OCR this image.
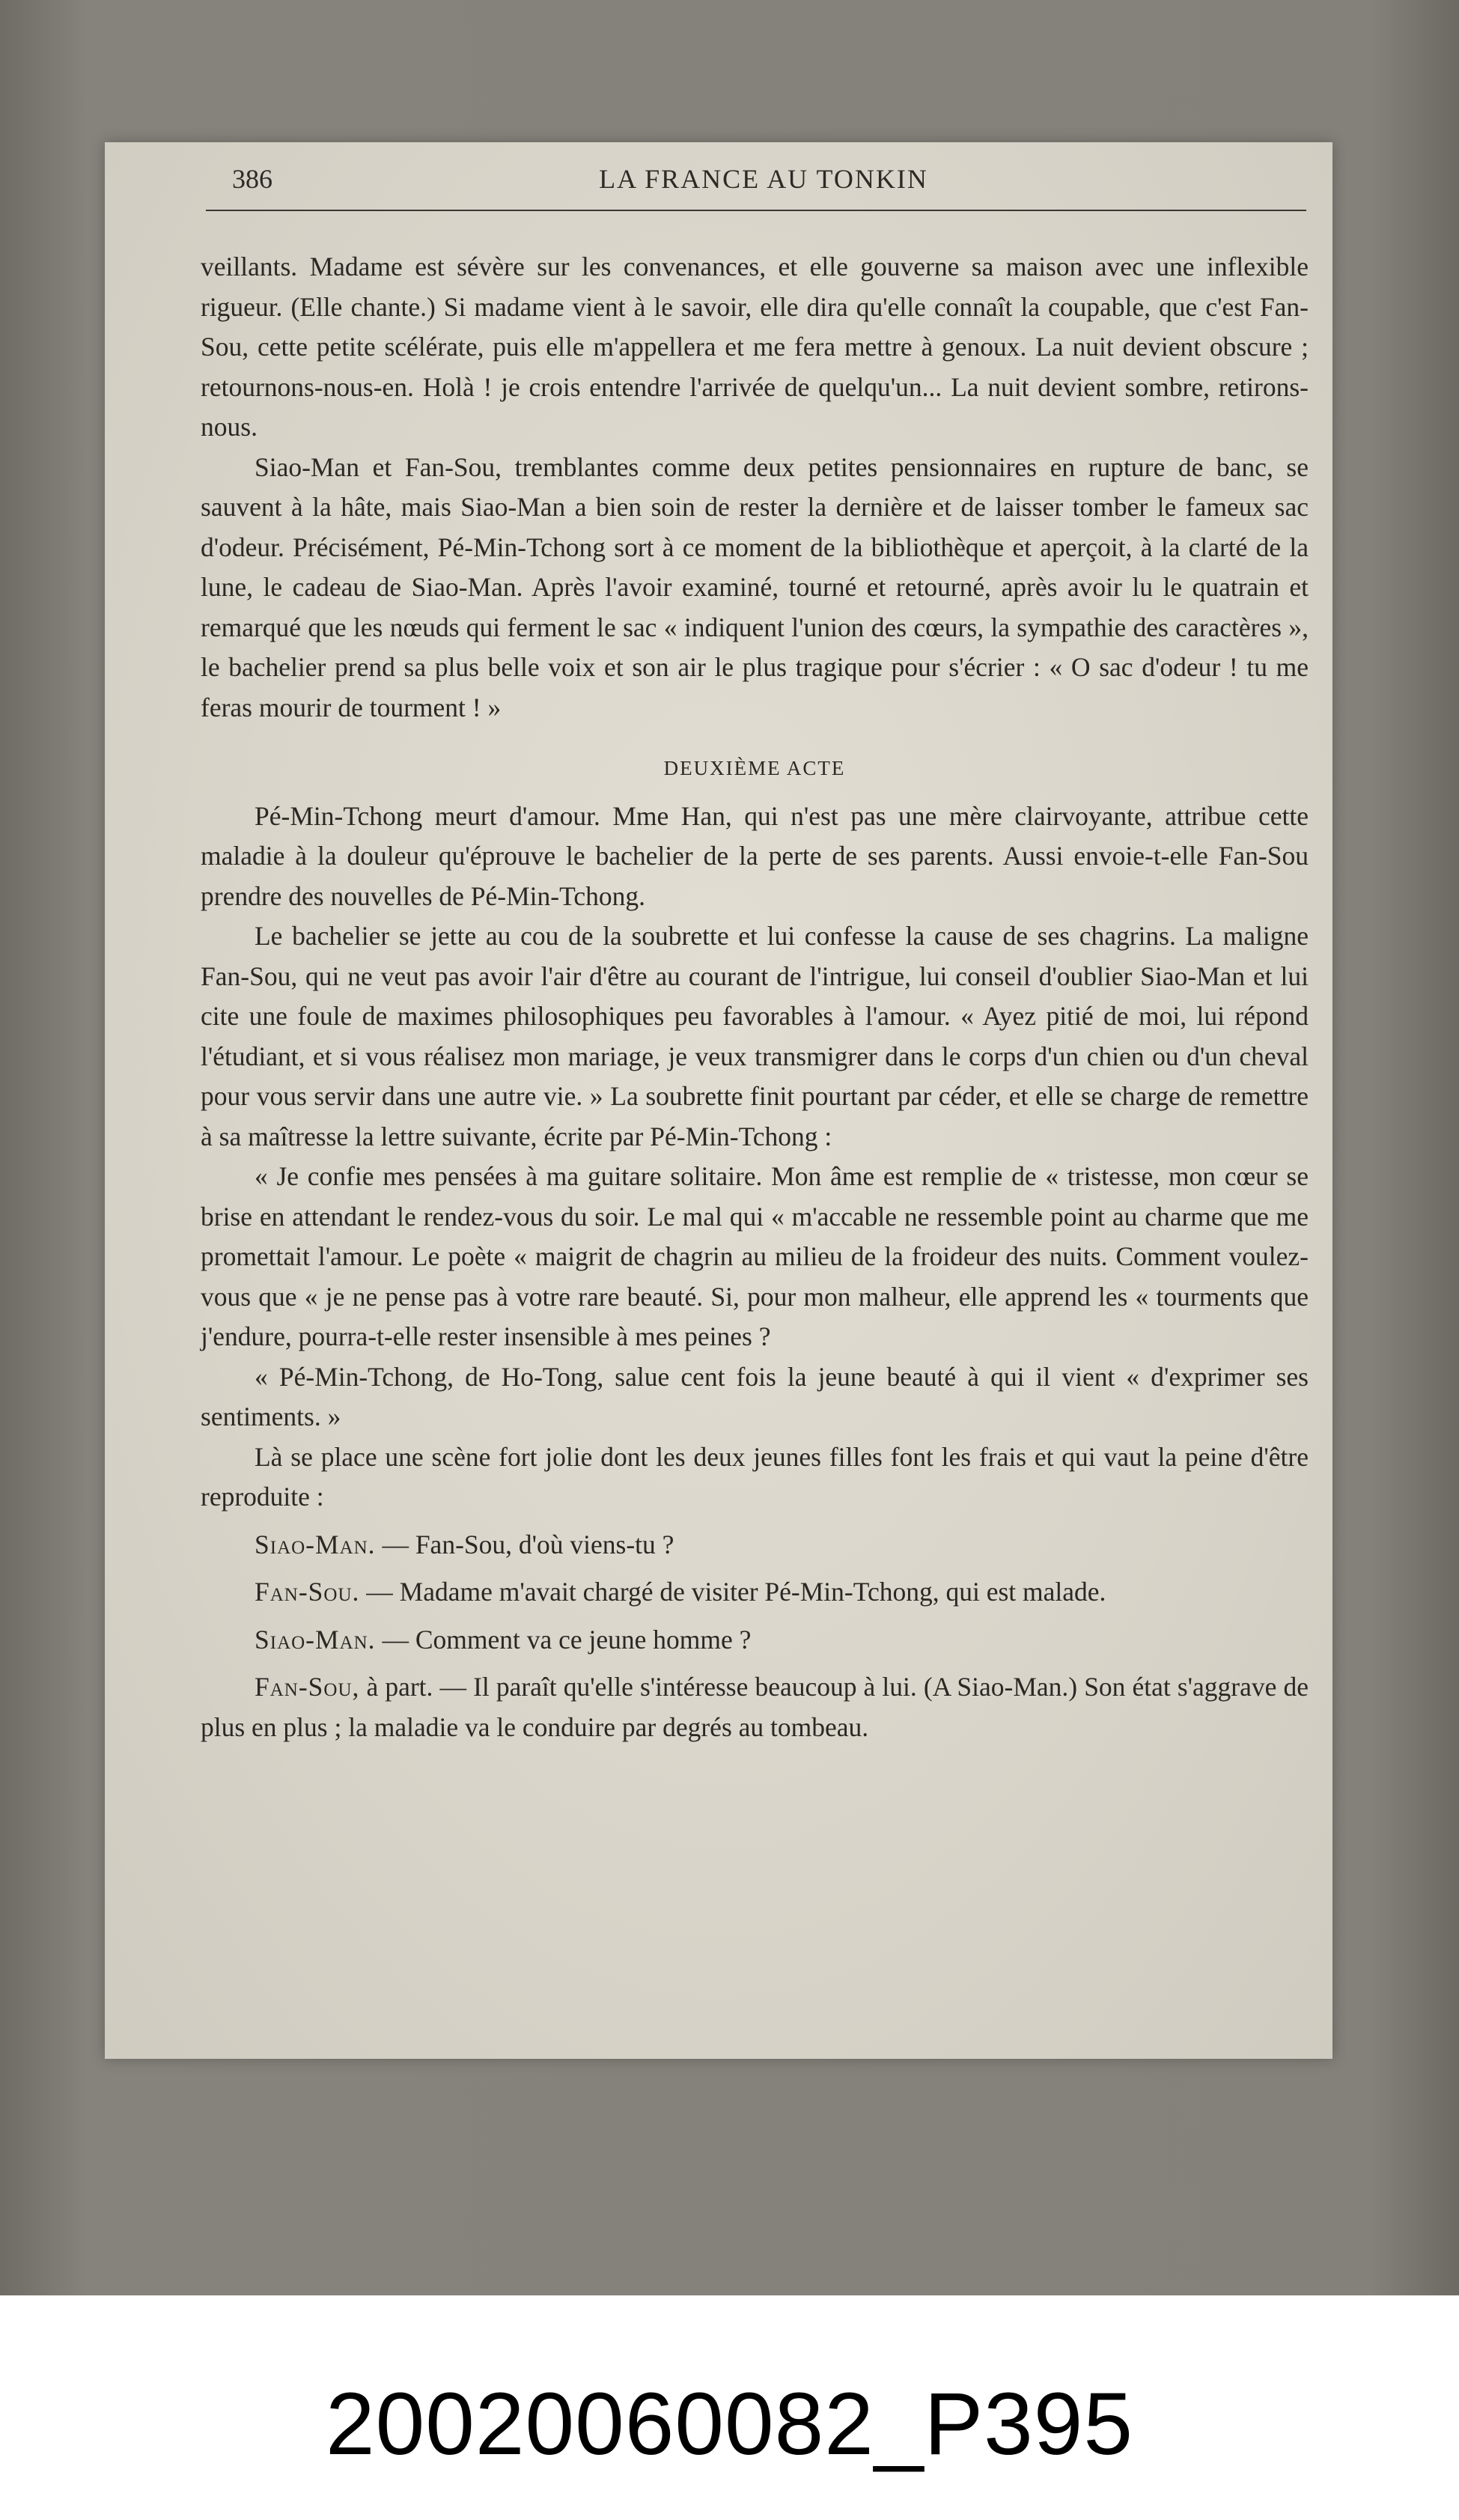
386	LA FRANCE AU TONKIN

veillants. Madame est sévère sur les convenances, et elle gouverne sa maison avec une inflexible rigueur. (Elle chante.) Si madame vient à le savoir, elle dira qu'elle connaît la coupable, que c'est Fan-Sou, cette petite scélérate, puis elle m'appellera et me fera mettre à genoux. La nuit devient obscure ; retournons-nous-en. Holà ! je crois entendre l'arrivée de quelqu'un... La nuit devient sombre, retirons-nous.

Siao-Man et Fan-Sou, tremblantes comme deux petites pensionnaires en rupture de banc, se sauvent à la hâte, mais Siao-Man a bien soin de rester la dernière et de laisser tomber le fameux sac d'odeur. Précisément, Pé-Min-Tchong sort à ce moment de la bibliothèque et aperçoit, à la clarté de la lune, le cadeau de Siao-Man. Après l'avoir examiné, tourné et retourné, après avoir lu le quatrain et remarqué que les nœuds qui ferment le sac « indiquent l'union des cœurs, la sympathie des caractères », le bachelier prend sa plus belle voix et son air le plus tragique pour s'écrier : « O sac d'odeur ! tu me feras mourir de tourment ! »

DEUXIÈME ACTE

Pé-Min-Tchong meurt d'amour. Mme Han, qui n'est pas une mère clairvoyante, attribue cette maladie à la douleur qu'éprouve le bachelier de la perte de ses parents. Aussi envoie-t-elle Fan-Sou prendre des nouvelles de Pé-Min-Tchong.

Le bachelier se jette au cou de la soubrette et lui confesse la cause de ses chagrins. La maligne Fan-Sou, qui ne veut pas avoir l'air d'être au courant de l'intrigue, lui conseil d'oublier Siao-Man et lui cite une foule de maximes philosophiques peu favorables à l'amour. « Ayez pitié de moi, lui répond l'étudiant, et si vous réalisez mon mariage, je veux transmigrer dans le corps d'un chien ou d'un cheval pour vous servir dans une autre vie. » La soubrette finit pourtant par céder, et elle se charge de remettre à sa maîtresse la lettre suivante, écrite par Pé-Min-Tchong :

« Je confie mes pensées à ma guitare solitaire. Mon âme est remplie de « tristesse, mon cœur se brise en attendant le rendez-vous du soir. Le mal qui « m'accable ne ressemble point au charme que me promettait l'amour. Le poète « maigrit de chagrin au milieu de la froideur des nuits. Comment voulez-vous que « je ne pense pas à votre rare beauté. Si, pour mon malheur, elle apprend les « tourments que j'endure, pourra-t-elle rester insensible à mes peines ?

« Pé-Min-Tchong, de Ho-Tong, salue cent fois la jeune beauté à qui il vient « d'exprimer ses sentiments. »

Là se place une scène fort jolie dont les deux jeunes filles font les frais et qui vaut la peine d'être reproduite :

Siao-Man. — Fan-Sou, d'où viens-tu ?

Fan-Sou. — Madame m'avait chargé de visiter Pé-Min-Tchong, qui est malade.

Siao-Man. — Comment va ce jeune homme ?

Fan-Sou, à part. — Il paraît qu'elle s'intéresse beaucoup à lui. (A Siao-Man.) Son état s'aggrave de plus en plus ; la maladie va le conduire par degrés au tombeau.

20020060082_P395
